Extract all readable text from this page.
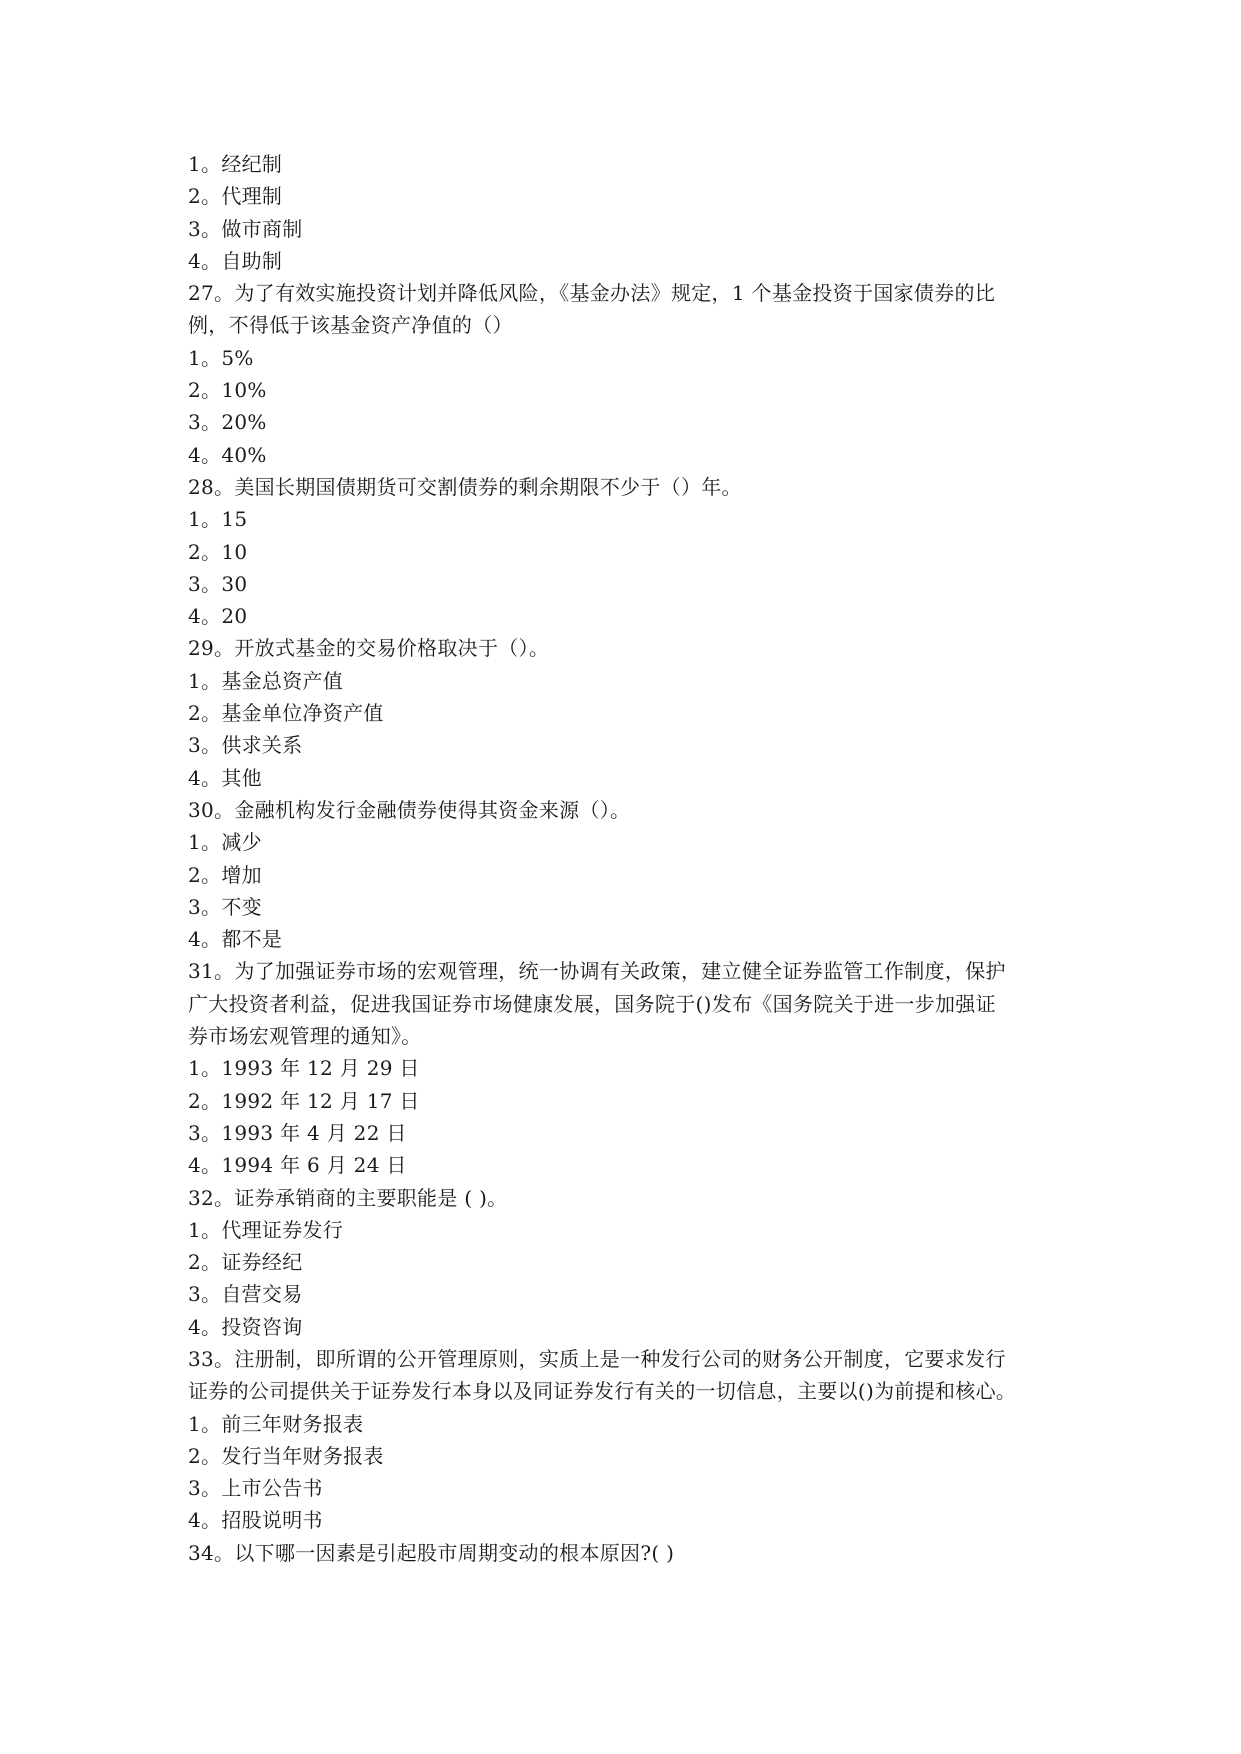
1。经纪制
2。代理制
3。做市商制
4。自助制
27。为了有效实施投资计划并降低风险，《基金办法》规定，1 个基金投资于国家债券的比
例，不得低于该基金资产净值的（）
1。5%
2。10%
3。20%
4。40%
28。美国长期国债期货可交割债券的剩余期限不少于（）年。
1。15
2。10
3。30
4。20
29。开放式基金的交易价格取决于（）。
1。基金总资产值
2。基金单位净资产值
3。供求关系
4。其他
30。金融机构发行金融债券使得其资金来源（）。
1。减少
2。增加
3。不变
4。都不是
31。为了加强证券市场的宏观管理，统一协调有关政策，建立健全证券监管工作制度，保护
广大投资者利益，促进我国证券市场健康发展，国务院于()发布《国务院关于进一步加强证
券市场宏观管理的通知》。
1。1993 年 12 月 29 日
2。1992 年 12 月 17 日
3。1993 年 4 月 22 日
4。1994 年 6 月 24 日
32。证券承销商的主要职能是 ( )。
1。代理证券发行
2。证券经纪
3。自营交易
4。投资咨询
33。注册制，即所谓的公开管理原则，实质上是一种发行公司的财务公开制度，它要求发行
证券的公司提供关于证券发行本身以及同证券发行有关的一切信息，主要以()为前提和核心。
1。前三年财务报表
2。发行当年财务报表
3。上市公告书
4。招股说明书
34。以下哪一因素是引起股市周期变动的根本原因?( )
